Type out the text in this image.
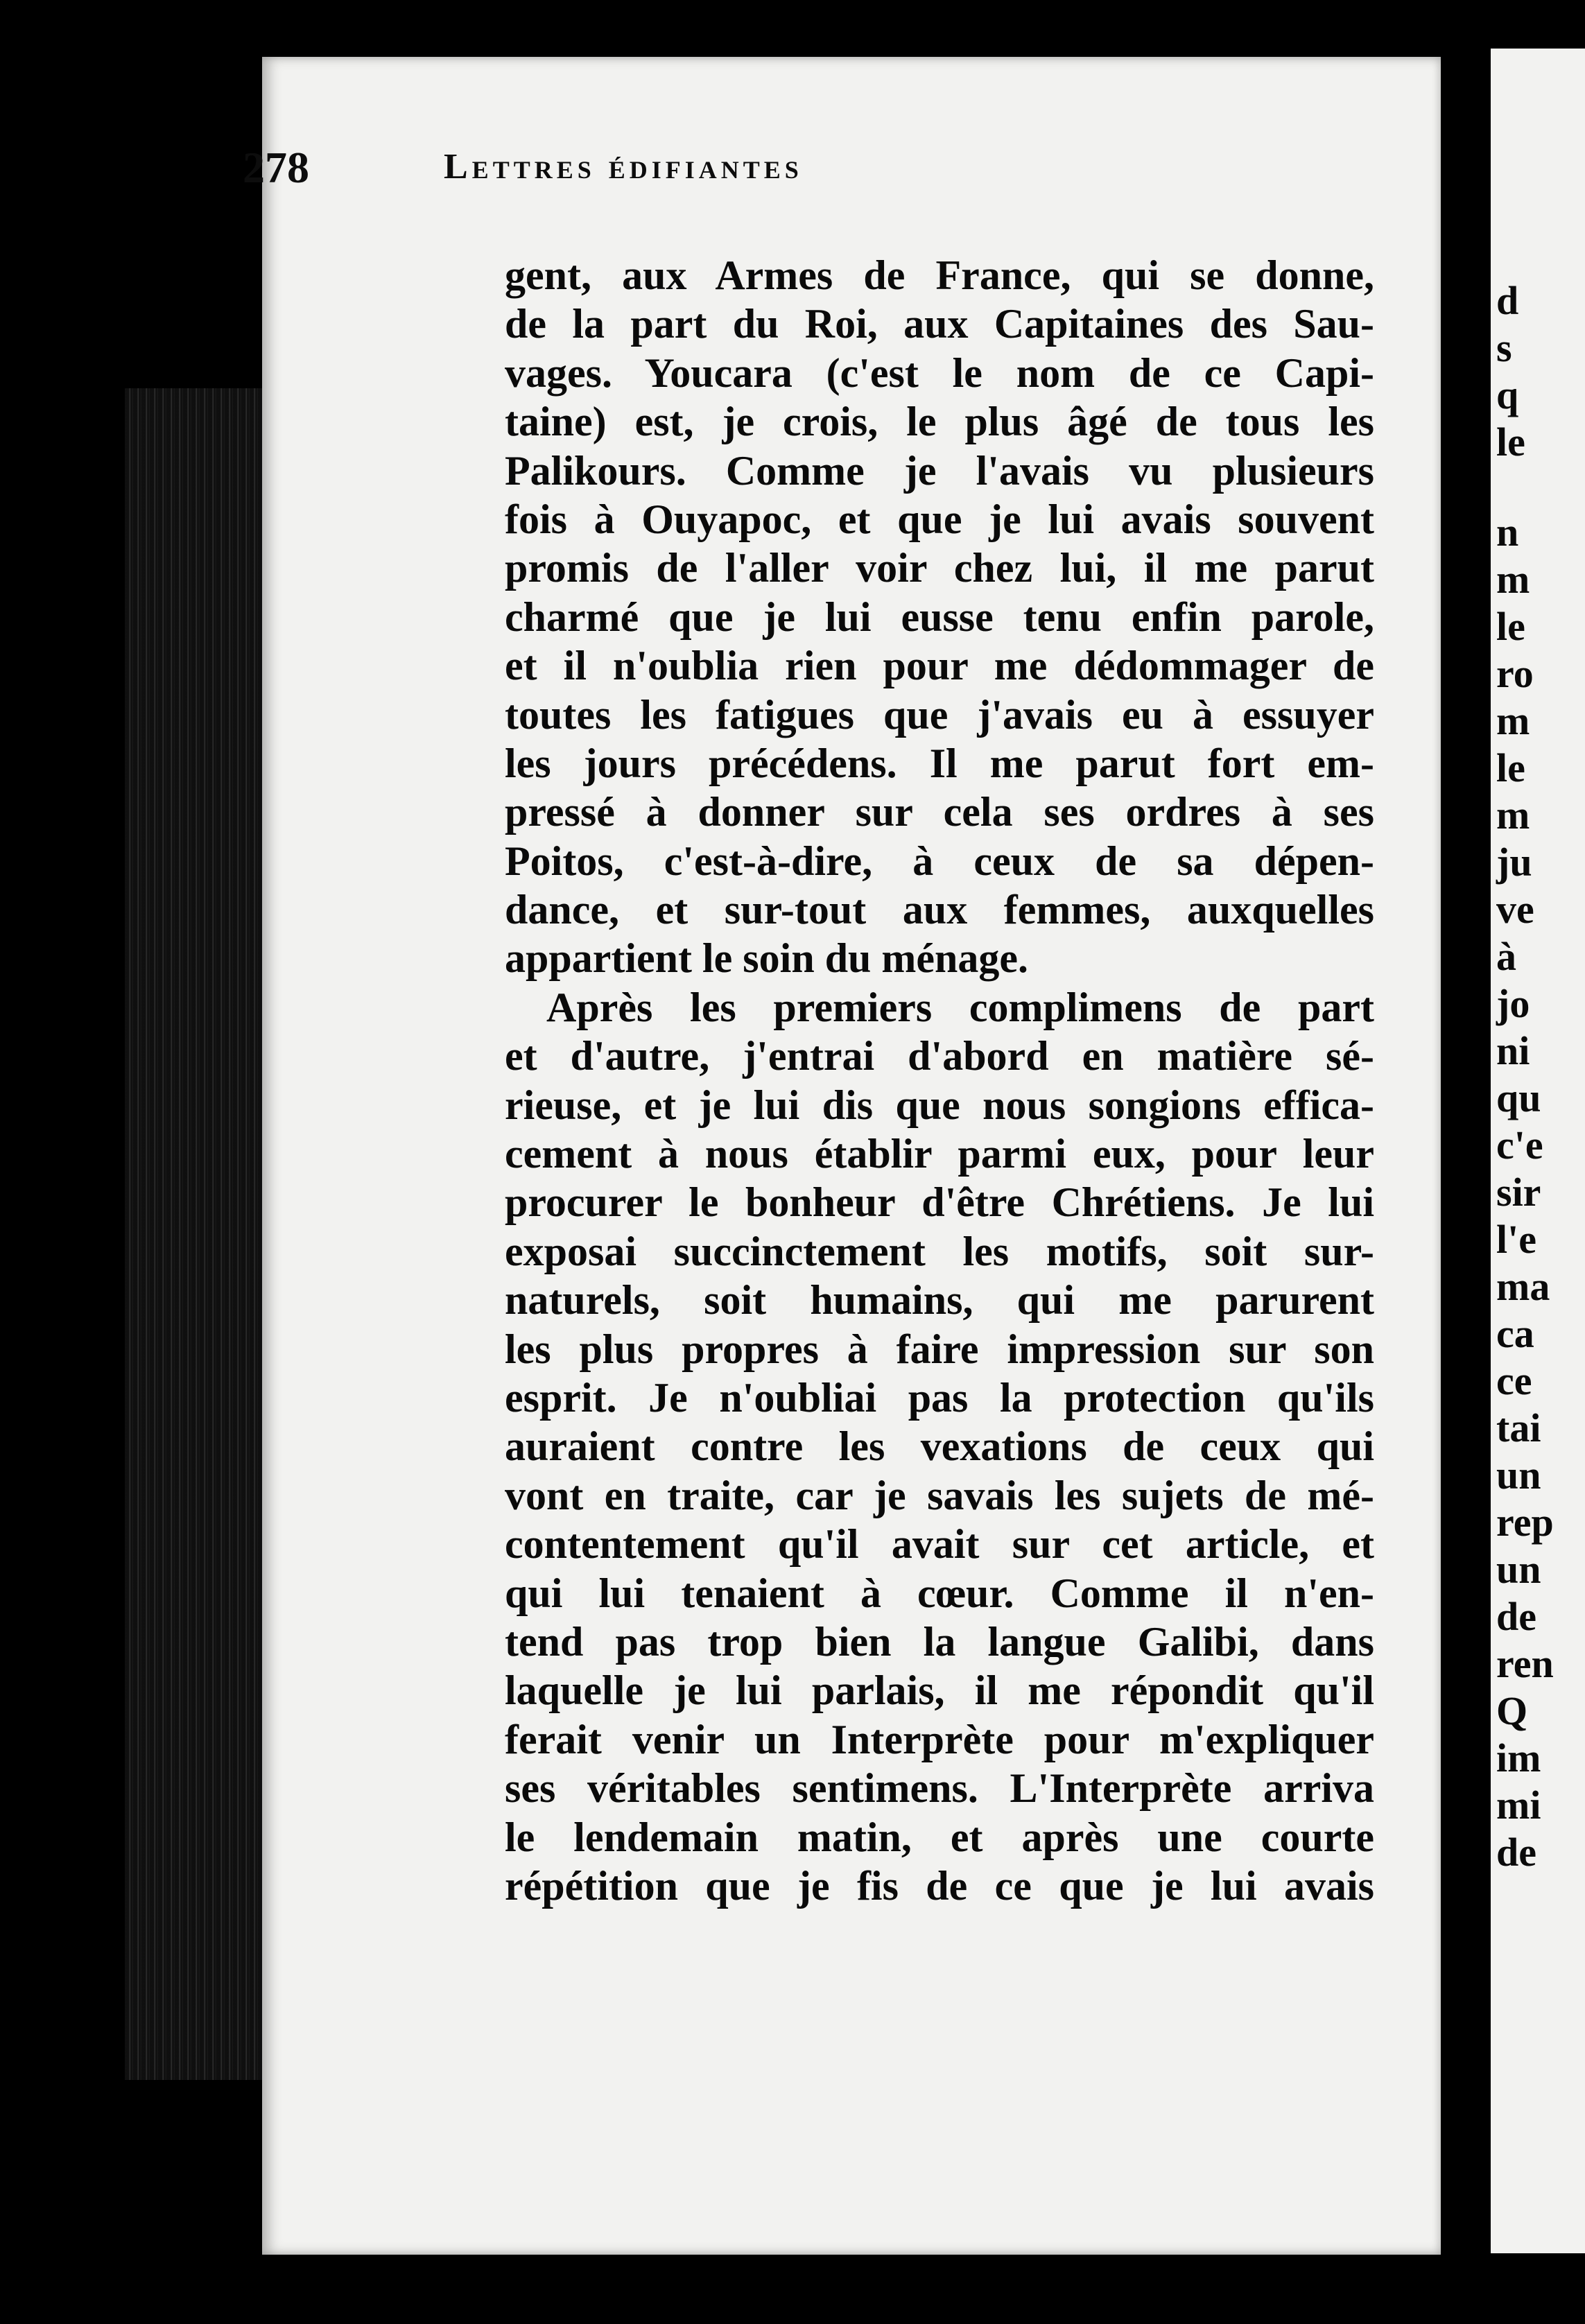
278	Lettres édifiantes
gent, aux Armes de France, qui se donne,
de la part du Roi, aux Capitaines des Sau-
vages. Youcara (c'est le nom de ce Capi-
taine) est, je crois, le plus âgé de tous les
Palikours. Comme je l'avais vu plusieurs
fois à Ouyapoc, et que je lui avais souvent
promis de l'aller voir chez lui, il me parut
charmé que je lui eusse tenu enfin parole,
et il n'oublia rien pour me dédommager de
toutes les fatigues que j'avais eu à essuyer
les jours précédens. Il me parut fort em-
pressé à donner sur cela ses ordres à ses
Poitos, c'est-à-dire, à ceux de sa dépen-
dance, et sur-tout aux femmes, auxquelles
appartient le soin du ménage.
Après les premiers complimens de part
et d'autre, j'entrai d'abord en matière sé-
rieuse, et je lui dis que nous songions effica-
cement à nous établir parmi eux, pour leur
procurer le bonheur d'être Chrétiens. Je lui
exposai succinctement les motifs, soit sur-
naturels, soit humains, qui me parurent
les plus propres à faire impression sur son
esprit. Je n'oubliai pas la protection qu'ils
auraient contre les vexations de ceux qui
vont en traite, car je savais les sujets de mé-
contentement qu'il avait sur cet article, et
qui lui tenaient à cœur. Comme il n'en-
tend pas trop bien la langue Galibi, dans
laquelle je lui parlais, il me répondit qu'il
ferait venir un Interprète pour m'expliquer
ses véritables sentimens. L'Interprète arriva
le lendemain matin, et après une courte
répétition que je fis de ce que je lui avais
d
s
q
le
n
m
le
ro
m
le
m
ju
ve
à
jo
ni
qu
c'e
sir
l'e
ma
ca
ce
tai
un
rep
un
de
ren
Q
im
mi
de
